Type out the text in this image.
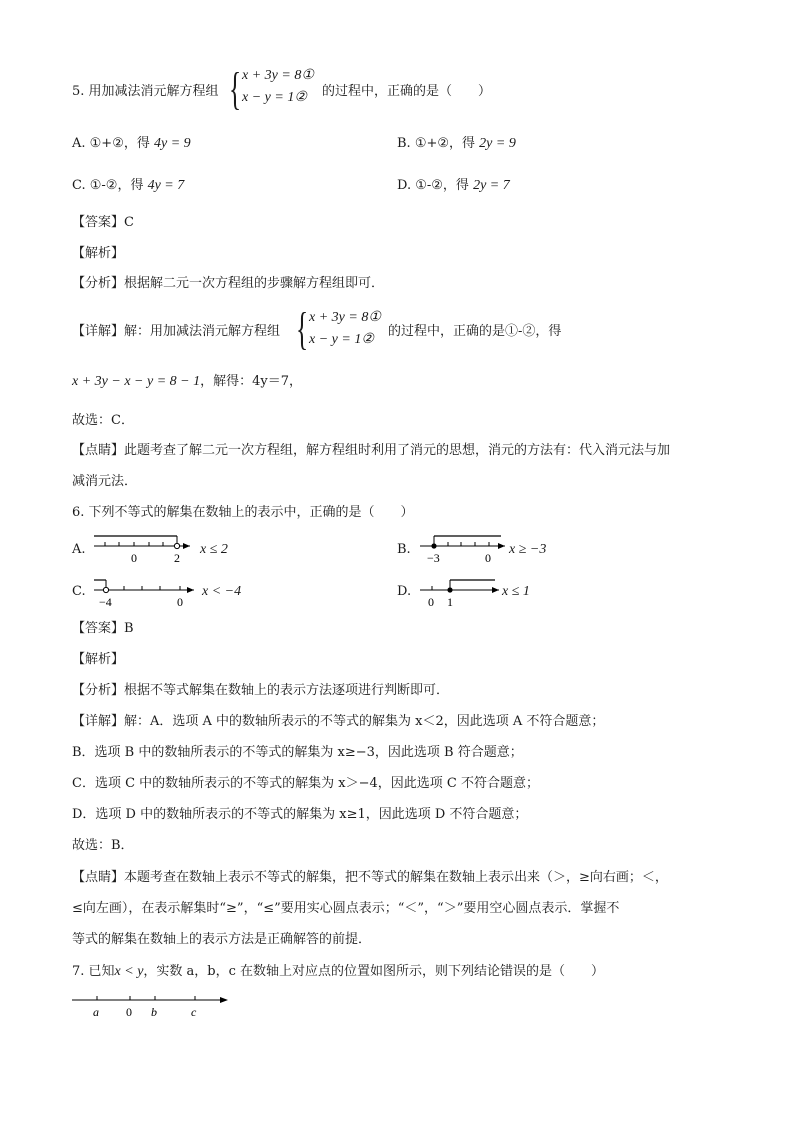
5. 用加减法消元解方程组 { x + 3y = 8①
x − y = 1② 的过程中，正确的是（　　）
A. ①+②，得 4y = 9	B. ①+②，得 2y = 9
C. ①-②，得 4y = 7	D. ①-②，得 2y = 7
【答案】C
【解析】
【分析】根据解二元一次方程组的步骤解方程组即可．
【详解】解：用加减法消元解方程组 { x + 3y = 8①
x − y = 1②
的过程中，正确的是①-②，得
x + 3y − x − y = 8 − 1，解得：4y＝7，
故选：C．
【点睛】此题考查了解二元一次方程组，解方程组时利用了消元的思想，消元的方法有：代入消元法与加
减消元法．
6. 下列不等式的解集在数轴上的表示中，正确的是（　　）
A.
0	2
x ≤ 2	B.
−3	0
x ≥ −3
C.
−4	0
x < −4	D.
0 1
x ≤ 1
【答案】B
【解析】
【分析】根据不等式解集在数轴上的表示方法逐项进行判断即可．
【详解】解：A．选项 A 中的数轴所表示的不等式的解集为 x＜2，因此选项 A 不符合题意；
B．选项 B 中的数轴所表示的不等式的解集为 x≥−3，因此选项 B 符合题意；
C．选项 C 中的数轴所表示的不等式的解集为 x＞−4，因此选项 C 不符合题意；
D．选项 D 中的数轴所表示的不等式的解集为 x≥1，因此选项 D 不符合题意；
故选：B．
【点睛】本题考查在数轴上表示不等式的解集，把不等式的解集在数轴上表示出来（＞，≥向右画；＜，
≤向左画），在表示解集时“≥”，“≤”要用实心圆点表示；“＜”，“＞”要用空心圆点表示．掌握不
等式的解集在数轴上的表示方法是正确解答的前提．
7. 已知x < y，实数 a，b，c 在数轴上对应点的位置如图所示，则下列结论错误的是（　　）
a 0 b	c
